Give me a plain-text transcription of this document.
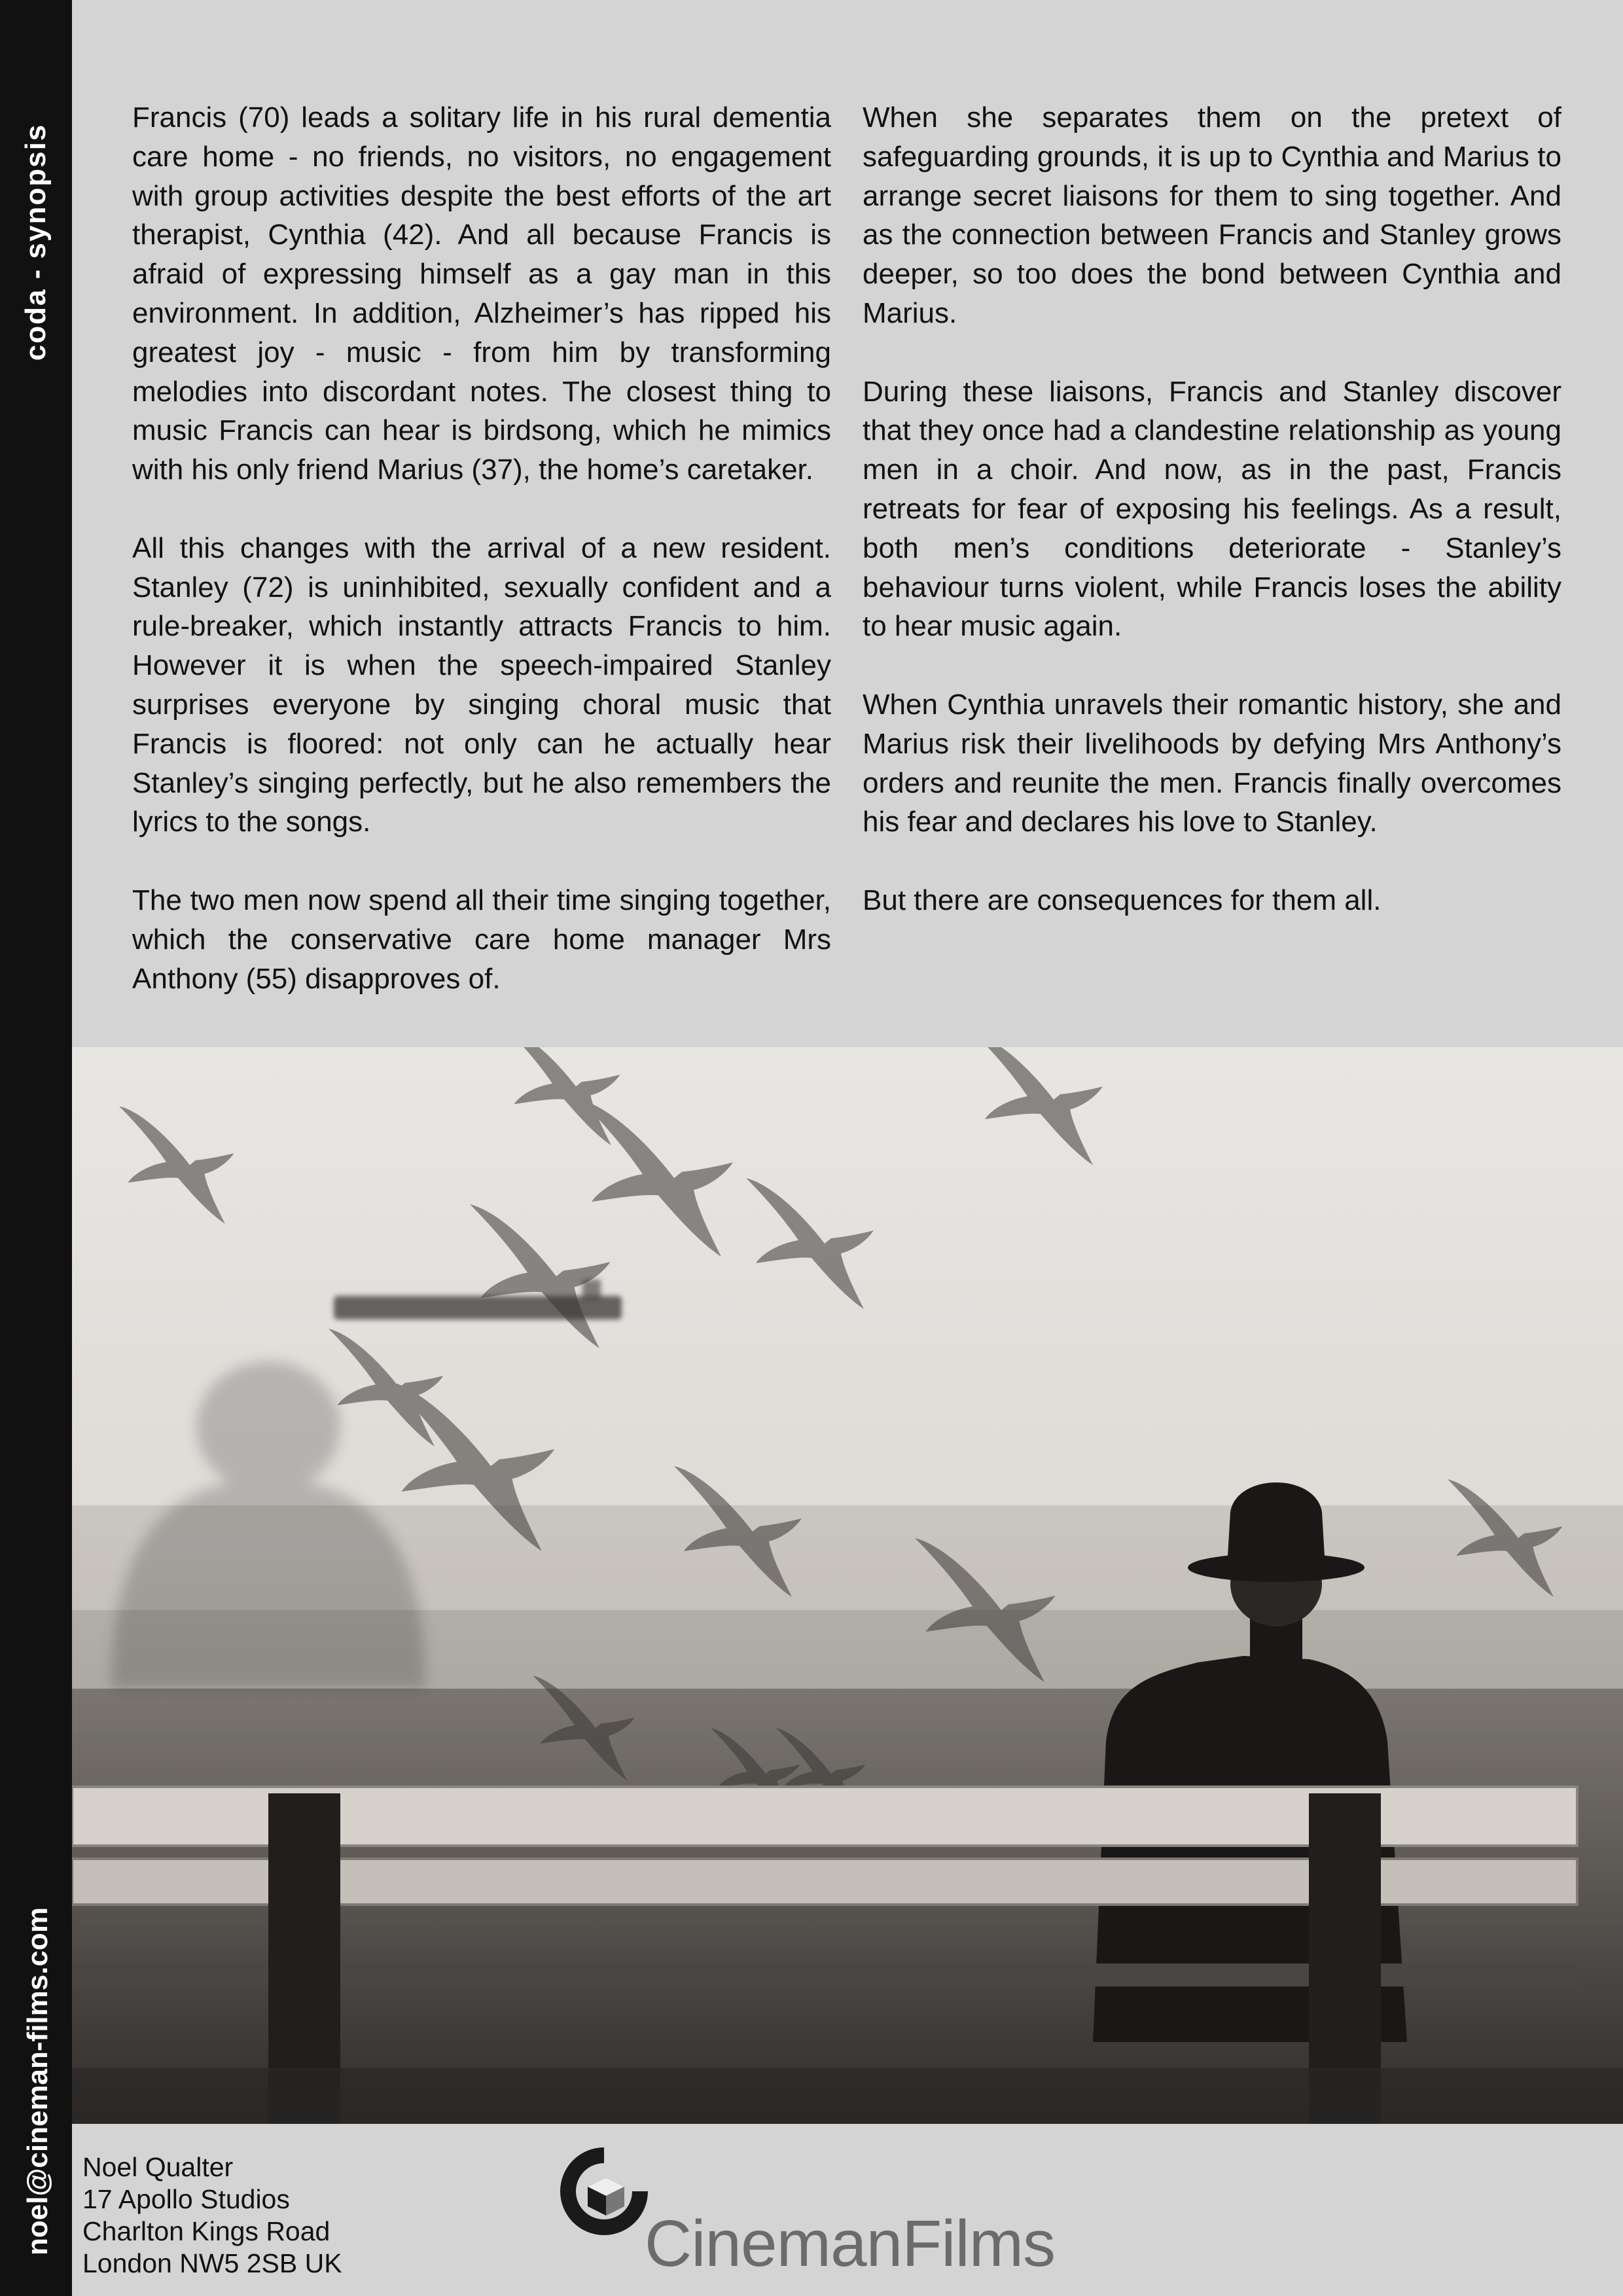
coda - synopsis
noel@cineman-films.com

Francis (70) leads a solitary life in his rural dementia care home - no friends, no visitors, no engagement with group activities despite the best efforts of the art therapist, Cynthia (42). And all because Francis is afraid of expressing himself as a gay man in this environment. In addition, Alzheimer’s has ripped his greatest joy - music - from him by transforming melodies into discordant notes. The closest thing to music Francis can hear is birdsong, which he mimics with his only friend Marius (37), the home’s caretaker.

All this changes with the arrival of a new resident. Stanley (72) is uninhibited, sexually confident and a rule-breaker, which instantly attracts Francis to him. However it is when the speech-impaired Stanley surprises everyone by singing choral music that Francis is floored: not only can he actually hear Stanley’s singing perfectly, but he also remembers the lyrics to the songs.

The two men now spend all their time singing together, which the conservative care home manager Mrs Anthony (55) disapproves of.

When she separates them on the pretext of safeguarding grounds, it is up to Cynthia and Marius to arrange secret liaisons for them to sing together. And as the connection between Francis and Stanley grows deeper, so too does the bond between Cynthia and Marius.

During these liaisons, Francis and Stanley discover that they once had a clandestine relationship as young men in a choir. And now, as in the past, Francis retreats for fear of exposing his feelings. As a result, both men’s conditions deteriorate - Stanley’s behaviour turns violent, while Francis loses the ability to hear music again.

When Cynthia unravels their romantic history, she and Marius risk their livelihoods by defying Mrs Anthony’s orders and reunite the men. Francis finally overcomes his fear and declares his love to Stanley.

But there are consequences for them all.

Noel Qualter
17 Apollo Studios
Charlton Kings Road
London NW5 2SB UK	CinemanFilms
